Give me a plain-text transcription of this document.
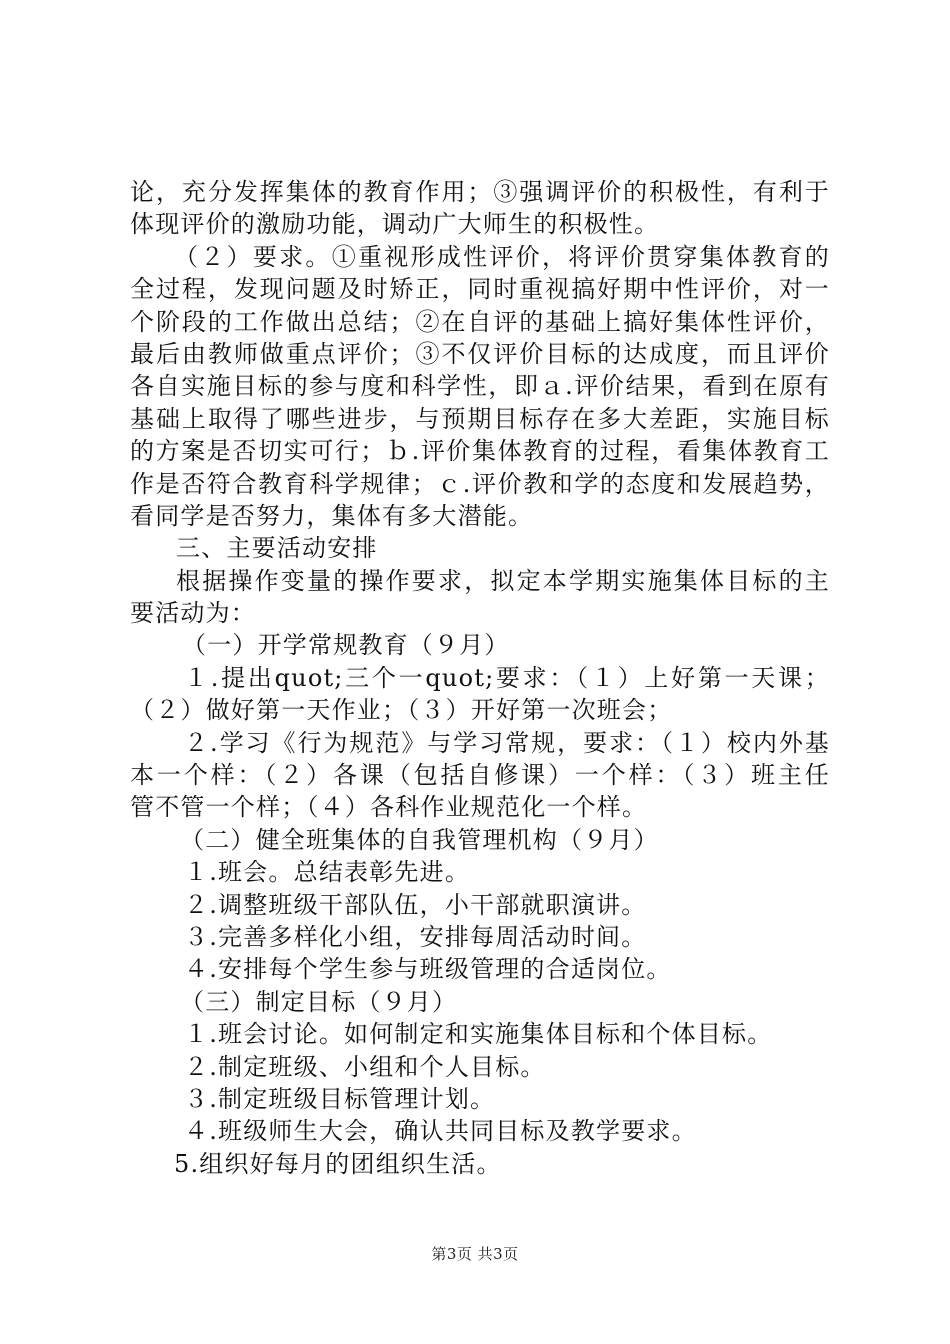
论，充分发挥集体的教育作用；③强调评价的积极性，有利于
体现评价的激励功能，调动广大师生的积极性。
（２）要求。①重视形成性评价，将评价贯穿集体教育的
全过程，发现问题及时矫正，同时重视搞好期中性评价，对一
个阶段的工作做出总结；②在自评的基础上搞好集体性评价，
最后由教师做重点评价；③不仅评价目标的达成度，而且评价
各自实施目标的参与度和科学性，即ａ.评价结果，看到在原有
基础上取得了哪些进步，与预期目标存在多大差距，实施目标
的方案是否切实可行；ｂ.评价集体教育的过程，看集体教育工
作是否符合教育科学规律；ｃ.评价教和学的态度和发展趋势，
看同学是否努力，集体有多大潜能。
三、主要活动安排
根据操作变量的操作要求，拟定本学期实施集体目标的主
要活动为：
（一）开学常规教育（９月）
１.提出quot;三个一quot;要求：（１）上好第一天课；
（２）做好第一天作业；（３）开好第一次班会；
２.学习《行为规范》与学习常规，要求：（１）校内外基
本一个样：（２）各课（包括自修课）一个样：（３）班主任
管不管一个样；（４）各科作业规范化一个样。
（二）健全班集体的自我管理机构（９月）
１.班会。总结表彰先进。
２.调整班级干部队伍，小干部就职演讲。
３.完善多样化小组，安排每周活动时间。
４.安排每个学生参与班级管理的合适岗位。
（三）制定目标（９月）
１.班会讨论。如何制定和实施集体目标和个体目标。
２.制定班级、小组和个人目标。
３.制定班级目标管理计划。
４.班级师生大会，确认共同目标及教学要求。
5.组织好每月的团组织生活。
第3页 共3页
